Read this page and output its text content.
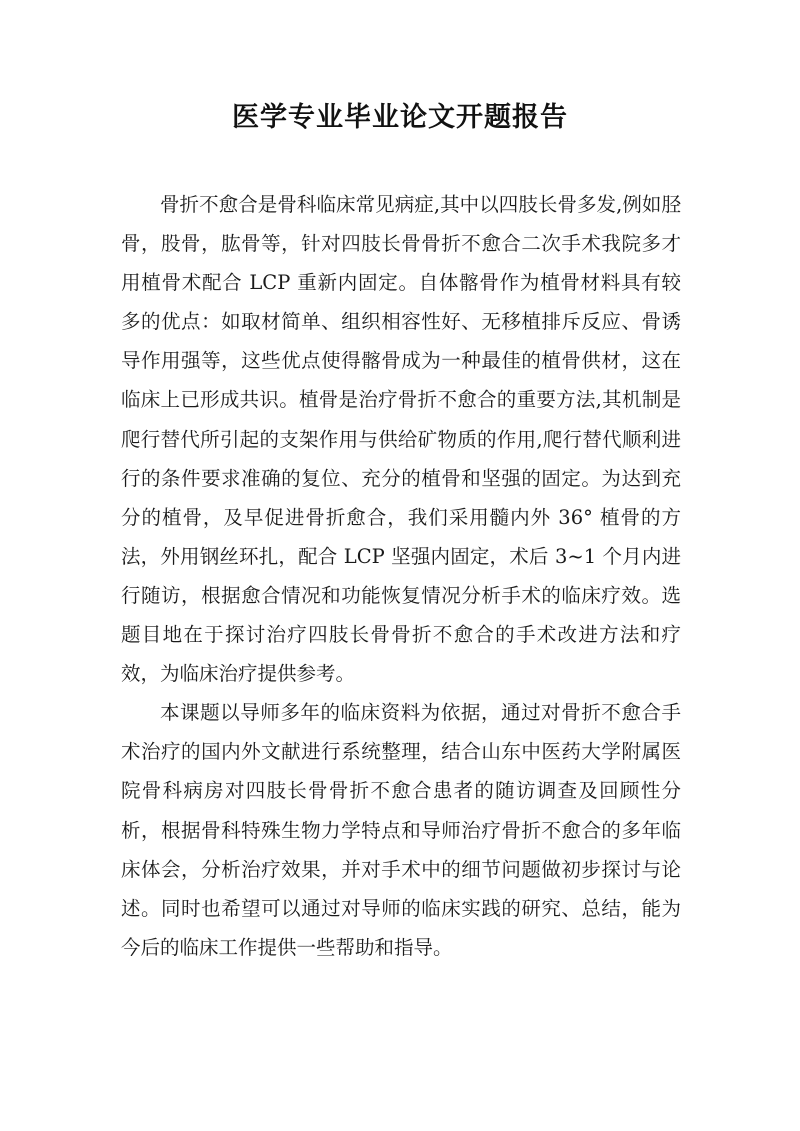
医学专业毕业论文开题报告

骨折不愈合是骨科临床常见病症,其中以四肢长骨多发,例如胫骨，股骨，肱骨等，针对四肢长骨骨折不愈合二次手术我院多才用植骨术配合 LCP 重新内固定。自体髂骨作为植骨材料具有较多的优点：如取材简单、组织相容性好、无移植排斥反应、骨诱导作用强等，这些优点使得髂骨成为一种最佳的植骨供材，这在临床上已形成共识。植骨是治疗骨折不愈合的重要方法,其机制是爬行替代所引起的支架作用与供给矿物质的作用,爬行替代顺利进行的条件要求准确的复位、充分的植骨和坚强的固定。为达到充分的植骨，及早促进骨折愈合，我们采用髓内外 36° 植骨的方法，外用钢丝环扎，配合 LCP 坚强内固定，术后 3~1 个月内进行随访，根据愈合情况和功能恢复情况分析手术的临床疗效。选题目地在于探讨治疗四肢长骨骨折不愈合的手术改进方法和疗效，为临床治疗提供参考。

本课题以导师多年的临床资料为依据，通过对骨折不愈合手术治疗的国内外文献进行系统整理，结合山东中医药大学附属医院骨科病房对四肢长骨骨折不愈合患者的随访调查及回顾性分析，根据骨科特殊生物力学特点和导师治疗骨折不愈合的多年临床体会，分析治疗效果，并对手术中的细节问题做初步探讨与论述。同时也希望可以通过对导师的临床实践的研究、总结，能为今后的临床工作提供一些帮助和指导。
